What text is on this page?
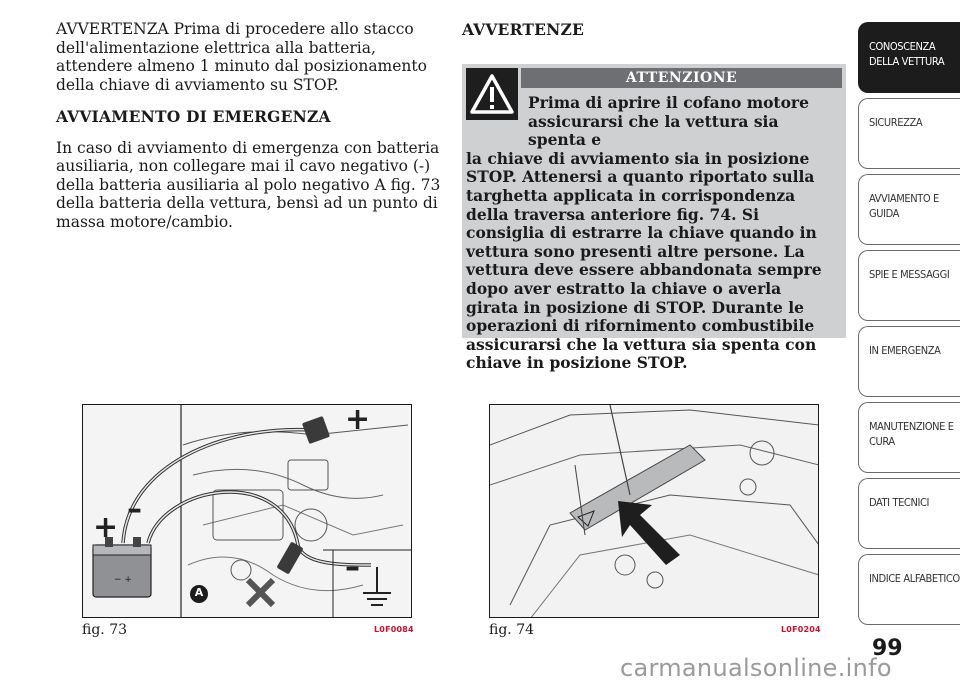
AVVERTENZA Prima di procedere allo stacco dell'alimentazione elettrica alla batteria, attendere almeno 1 minuto dal posizionamento della chiave di avviamento su STOP.

AVVIAMENTO DI EMERGENZA

In caso di avviamento di emergenza con batteria ausiliaria, non collegare mai il cavo negativo (-) della batteria ausiliaria al polo negativo A fig. 73 della batteria della vettura, bensì ad un punto di massa motore/cambio.

AVVERTENZE
ATTENZIONE
Prima di aprire il cofano motore assicurarsi che la vettura sia spenta e
la chiave di avviamento sia in posizione STOP. Attenersi a quanto riportato sulla targhetta applicata in corrispondenza della traversa anteriore fig. 74. Si consiglia di estrarre la chiave quando in vettura sono presenti altre persone. La vettura deve essere abbandonata sempre dopo aver estratto la chiave o averla girata in posizione di STOP. Durante le operazioni di rifornimento combustibile assicurarsi che la vettura sia spenta con chiave in posizione STOP.
− +
A
+
–
+
–
fig. 73	L0F0084	fig. 74	L0F0204
CONOSCENZA DELLA VETTURA
SICUREZZA
AVVIAMENTO E GUIDA
SPIE E MESSAGGI
IN EMERGENZA
MANUTENZIONE E CURA
DATI TECNICI
INDICE ALFABETICO
99
carmanualsonline.info
